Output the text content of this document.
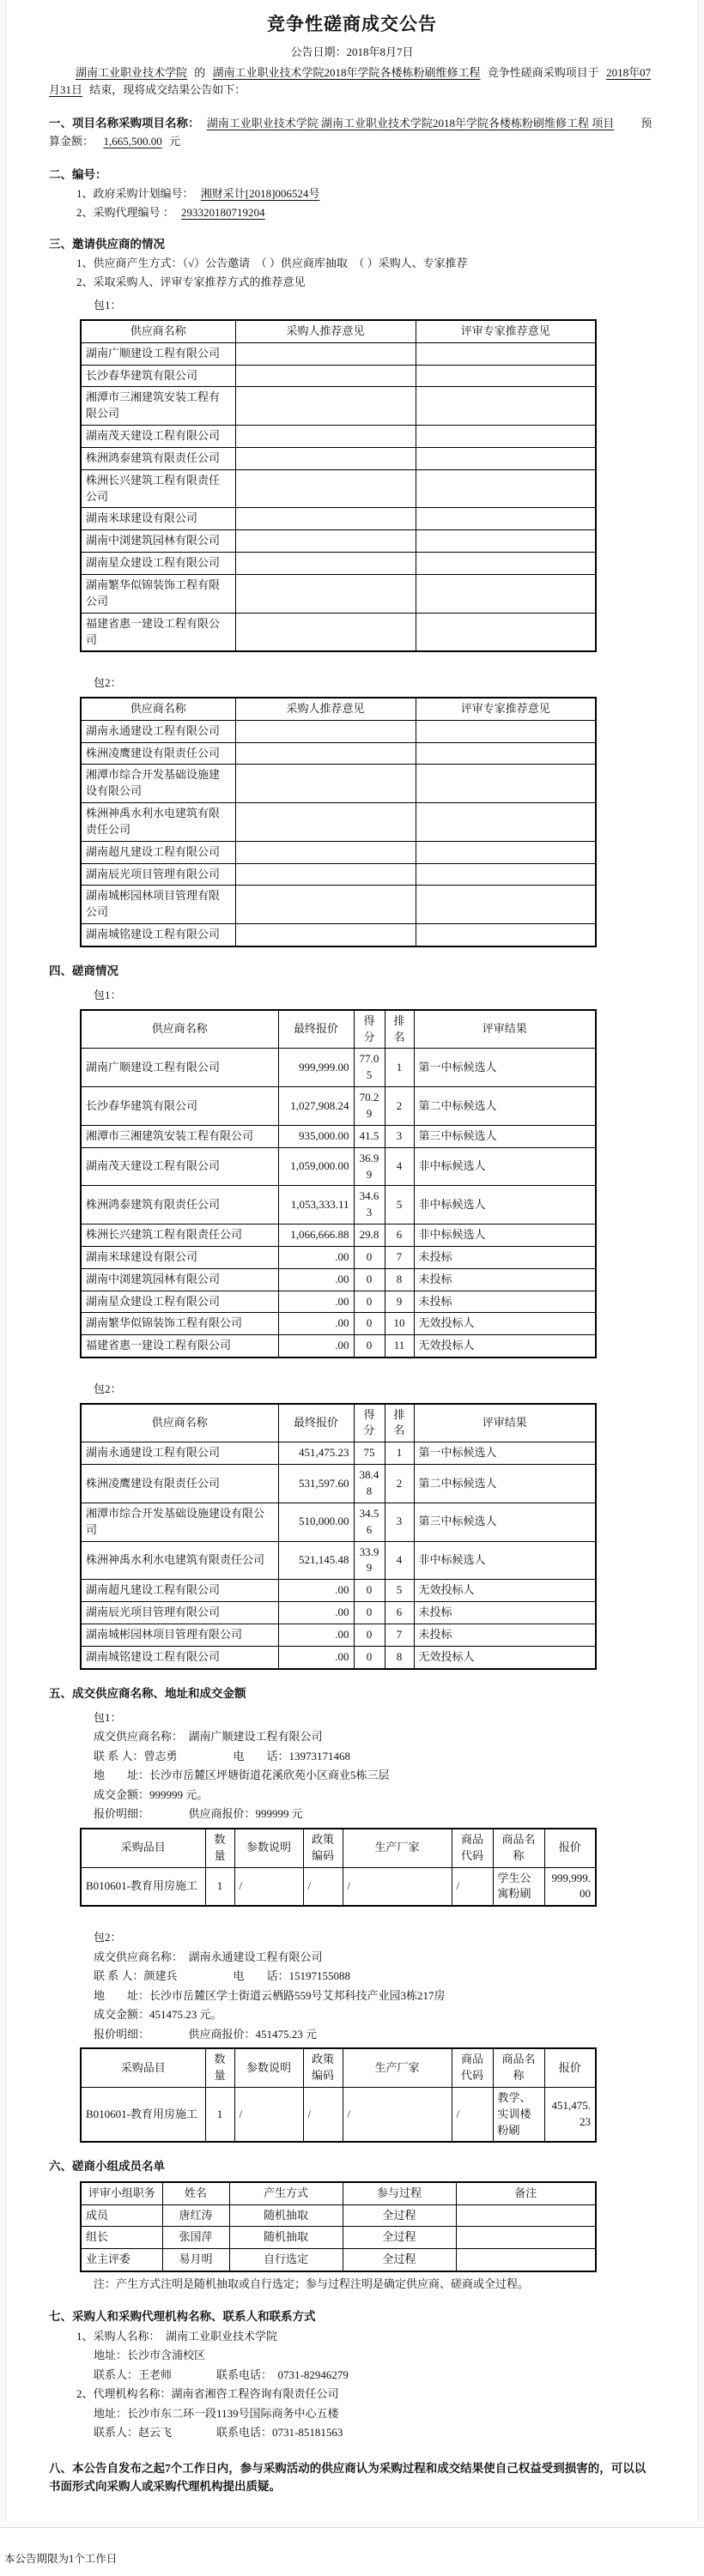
竞争性磋商成交公告
公告日期：2018年8月7日

湖南工业职业技术学院 的 湖南工业职业技术学院2018年学院各楼栋粉刷维修工程 竞争性磋商采购项目于 2018年07月31日 结束，现将成交结果公告如下：

一、项目名称采购项目名称： 湖南工业职业技术学院 湖南工业职业技术学院2018年学院各楼栋粉刷维修工程 项目　　预算金额：　1,665,500.00 元

二、编号：
1、政府采购计划编号： 湘财采计[2018]006524号
2、采购代理编号 ： 293320180719204
三、邀请供应商的情况
1、供应商产生方式：（√）公告邀请　（ ）供应商库抽取　（ ）采购人、专家推荐
2、采取采购人、评审专家推荐方式的推荐意见
包1：
供应商名称	采购人推荐意见	评审专家推荐意见
湖南广顺建设工程有限公司		
长沙春华建筑有限公司		
湘潭市三湘建筑安装工程有限公司		
湖南茂天建设工程有限公司		
株洲鸿泰建筑有限责任公司		
株洲长兴建筑工程有限责任公司		
湖南米球建设有限公司		
湖南中浏建筑园林有限公司		
湖南星众建设工程有限公司		
湖南繁华似锦装饰工程有限公司		
福建省惠一建设工程有限公司		
包2：
供应商名称	采购人推荐意见	评审专家推荐意见
湖南永通建设工程有限公司		
株洲凌鹰建设有限责任公司		
湘潭市综合开发基础设施建设有限公司		
株洲神禹水利水电建筑有限责任公司		
湖南超凡建设工程有限公司		
湖南辰光项目管理有限公司		
湖南城彬园林项目管理有限公司		
湖南城铭建设工程有限公司		
四、磋商情况
包1：
供应商名称	最终报价	得分	排名	评审结果
湖南广顺建设工程有限公司	999,999.00	77.05	1	第一中标候选人
长沙春华建筑有限公司	1,027,908.24	70.29	2	第二中标候选人
湘潭市三湘建筑安装工程有限公司	935,000.00	41.5	3	第三中标候选人
湖南茂天建设工程有限公司	1,059,000.00	36.99	4	非中标候选人
株洲鸿泰建筑有限责任公司	1,053,333.11	34.63	5	非中标候选人
株洲长兴建筑工程有限责任公司	1,066,666.88	29.8	6	非中标候选人
湖南米球建设有限公司	.00	0	7	未投标
湖南中浏建筑园林有限公司	.00	0	8	未投标
湖南星众建设工程有限公司	.00	0	9	未投标
湖南繁华似锦装饰工程有限公司	.00	0	10	无效投标人
福建省惠一建设工程有限公司	.00	0	11	无效投标人
包2：
供应商名称	最终报价	得分	排名	评审结果
湖南永通建设工程有限公司	451,475.23	75	1	第一中标候选人
株洲凌鹰建设有限责任公司	531,597.60	38.48	2	第二中标候选人
湘潭市综合开发基础设施建设有限公司	510,000.00	34.56	3	第三中标候选人
株洲神禹水利水电建筑有限责任公司	521,145.48	33.99	4	非中标候选人
湖南超凡建设工程有限公司	.00	0	5	无效投标人
湖南辰光项目管理有限公司	.00	0	6	未投标
湖南城彬园林项目管理有限公司	.00	0	7	未投标
湖南城铭建设工程有限公司	.00	0	8	无效投标人
五、成交供应商名称、地址和成交金额
包1：
成交供应商名称：　湖南广顺建设工程有限公司
联 系 人：曾志勇　　　　　电　　话：13973171468
地　　址：长沙市岳麓区坪塘街道花溪欣苑小区商业5栋三层
成交金额：999999 元。
报价明细：　　　　供应商报价：999999 元
采购品目	数量	参数说明	政策编码	生产厂家	商品代码	商品名称	报价
B010601-教育用房施工	1	/	/	/	/	学生公寓粉刷	999,999.00
包2：
成交供应商名称：　湖南永通建设工程有限公司
联 系 人：颜建兵　　　　　电　　话：15197155088
地　　址：长沙市岳麓区学士街道云栖路559号艾邦科技产业园3栋217房
成交金额：451475.23 元。
报价明细：　　　　供应商报价：451475.23 元
采购品目	数量	参数说明	政策编码	生产厂家	商品代码	商品名称	报价
B010601-教育用房施工	1	/	/	/	/	教学、实训楼粉刷	451,475.23
六、磋商小组成员名单
评审小组职务	姓名	产生方式	参与过程	备注
成员	唐红涛	随机抽取	全过程	
组长	张国萍	随机抽取	全过程	
业主评委	易月明	自行选定	全过程	
注：产生方式注明是随机抽取或自行选定；参与过程注明是确定供应商、磋商或全过程。
七、采购人和采购代理机构名称、联系人和联系方式
1、采购人名称：　湖南工业职业技术学院
地址：长沙市含浦校区
联系人：王老师　　　　联系电话：　0731-82946279
2、代理机构名称：湖南省湘咨工程咨询有限责任公司
地址：长沙市东二环一段1139号国际商务中心五楼
联系人：赵云飞　　　　联系电话：0731-85181563
八、本公告自发布之起7个工作日内，参与采购活动的供应商认为采购过程和成交结果使自己权益受到损害的，可以以书面形式向采购人或采购代理机构提出质疑。
本公告期限为1个工作日
